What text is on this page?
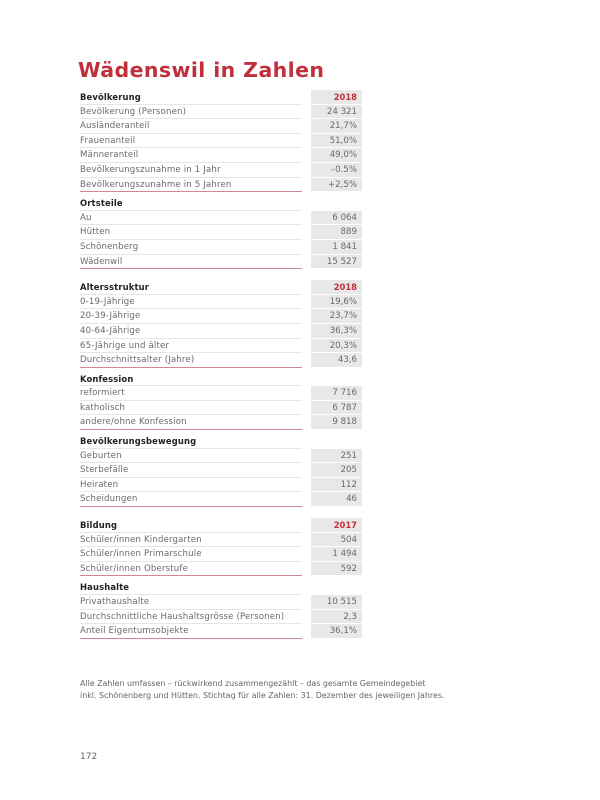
Wädenswil in Zahlen
Bevölkerung	2018
Bevölkerung (Personen)	24 321
Ausländeranteil	21,7%
Frauenanteil	51,0%
Männeranteil	49,0%
Bevölkerungszunahme in 1 Jahr	–0.5%
Bevölkerungszunahme in 5 Jahren	+2,5%
Ortsteile
Au	6 064
Hütten	889
Schönenberg	1 841
Wädenwil	15 527
Altersstruktur	2018
0-19-Jährige	19,6%
20-39-Jährige	23,7%
40-64-Jährige	36,3%
65-Jährige und älter	20,3%
Durchschnittsalter (Jahre)	43,6
Konfession
reformiert	7 716
katholisch	6 787
andere/ohne Konfession	9 818
Bevölkerungsbewegung
Geburten	251
Sterbefälle	205
Heiraten	112
Scheidungen	46
Bildung	2017
Schüler/innen Kindergarten	504
Schüler/innen Primarschule	1 494
Schüler/innen Oberstufe	592
Haushalte
Privathaushalte	10 515
Durchschnittliche Haushaltsgrösse (Personen)	2,3
Anteil Eigentumsobjekte	36,1%

Alle Zahlen umfassen – rückwirkend zusammengezählt – das gesamte Gemeindegebiet

inkl. Schönenberg und Hütten. Stichtag für alle Zahlen: 31. Dezember des jeweiligen Jahres.

172
